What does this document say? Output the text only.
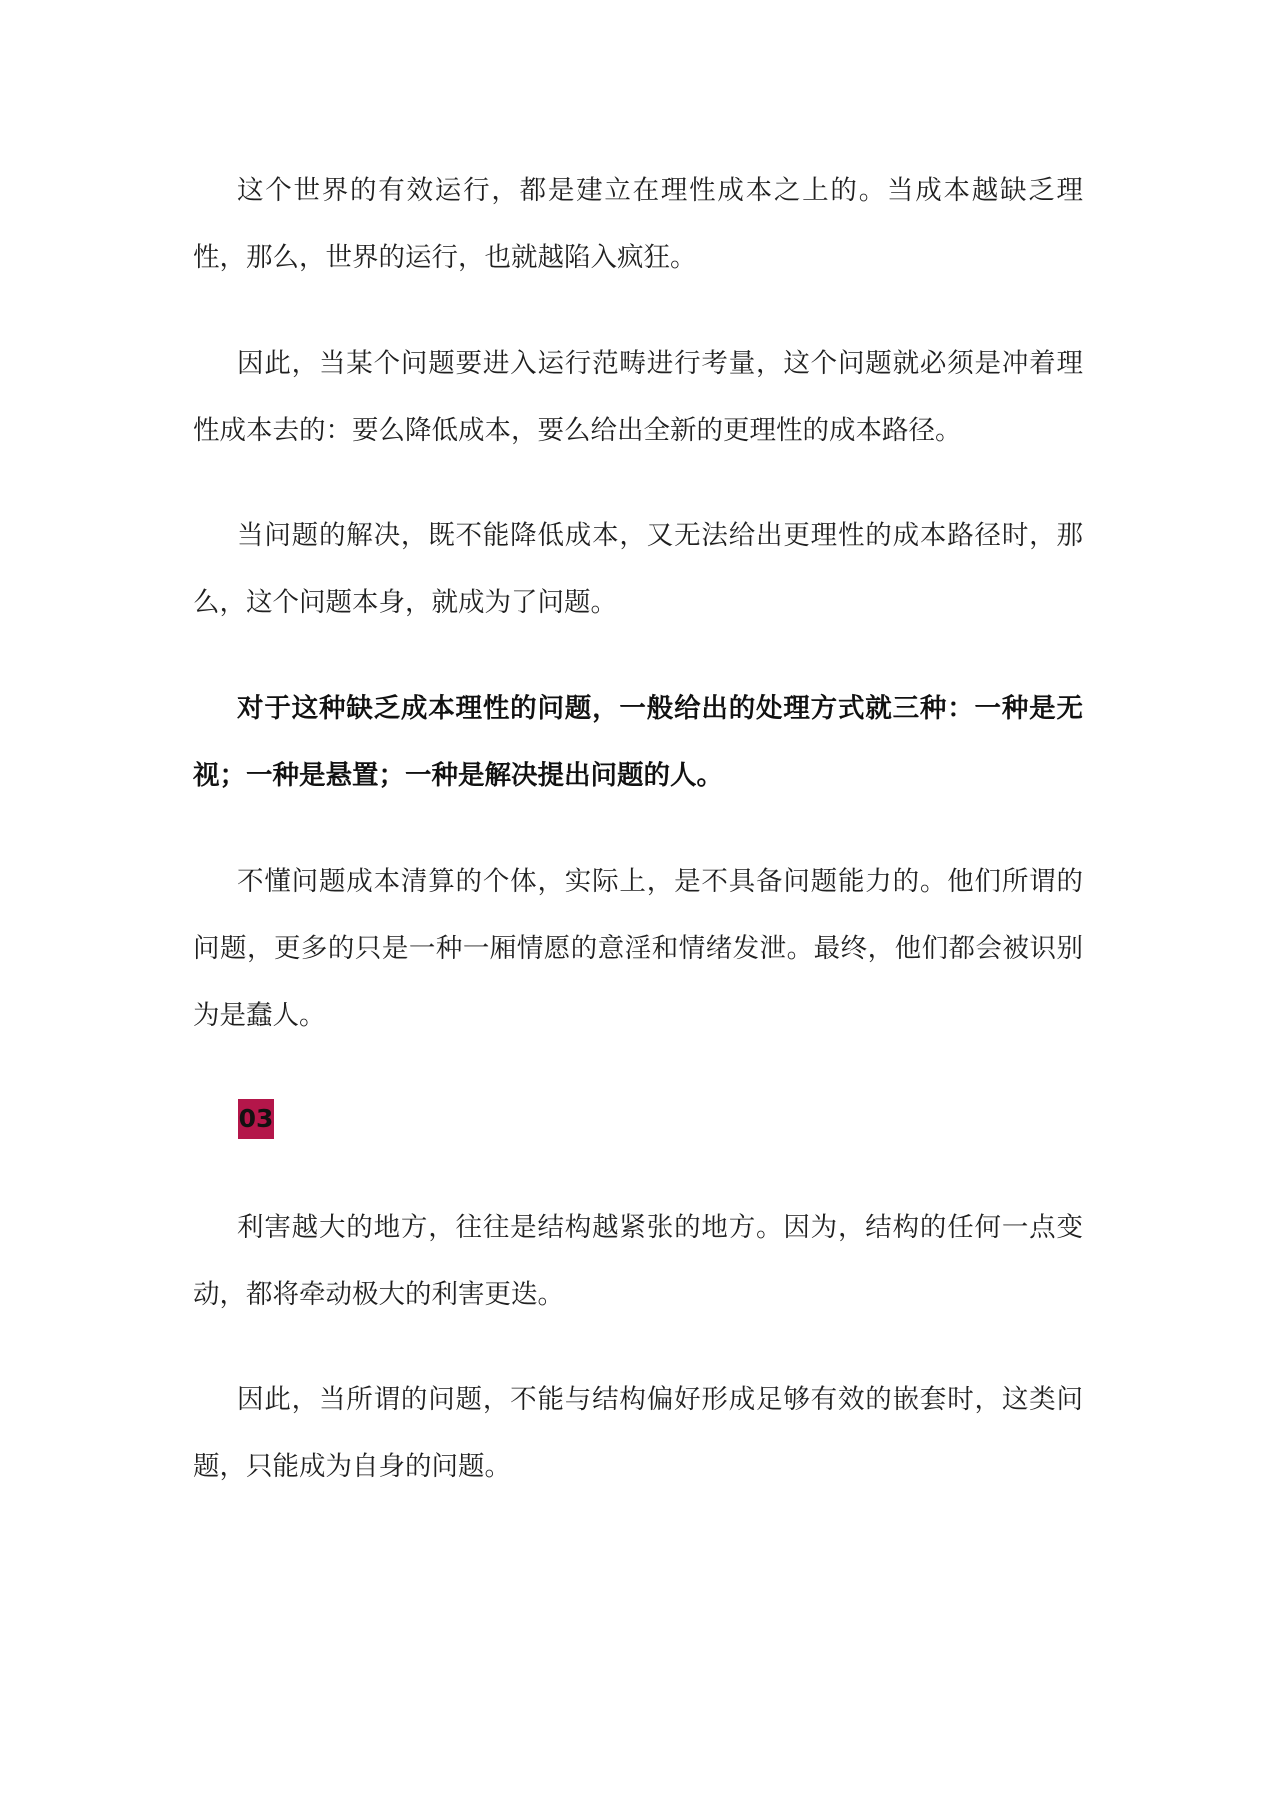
这个世界的有效运行，都是建立在理性成本之上的。当成本越缺乏理性，那么，世界的运行，也就越陷入疯狂。

因此，当某个问题要进入运行范畴进行考量，这个问题就必须是冲着理性成本去的：要么降低成本，要么给出全新的更理性的成本路径。

当问题的解决，既不能降低成本，又无法给出更理性的成本路径时，那么，这个问题本身，就成为了问题。

对于这种缺乏成本理性的问题，一般给出的处理方式就三种：一种是无视；一种是悬置；一种是解决提出问题的人。

不懂问题成本清算的个体，实际上，是不具备问题能力的。他们所谓的问题，更多的只是一种一厢情愿的意淫和情绪发泄。最终，他们都会被识别为是蠢人。

03

利害越大的地方，往往是结构越紧张的地方。因为，结构的任何一点变动，都将牵动极大的利害更迭。

因此，当所谓的问题，不能与结构偏好形成足够有效的嵌套时，这类问题，只能成为自身的问题。
